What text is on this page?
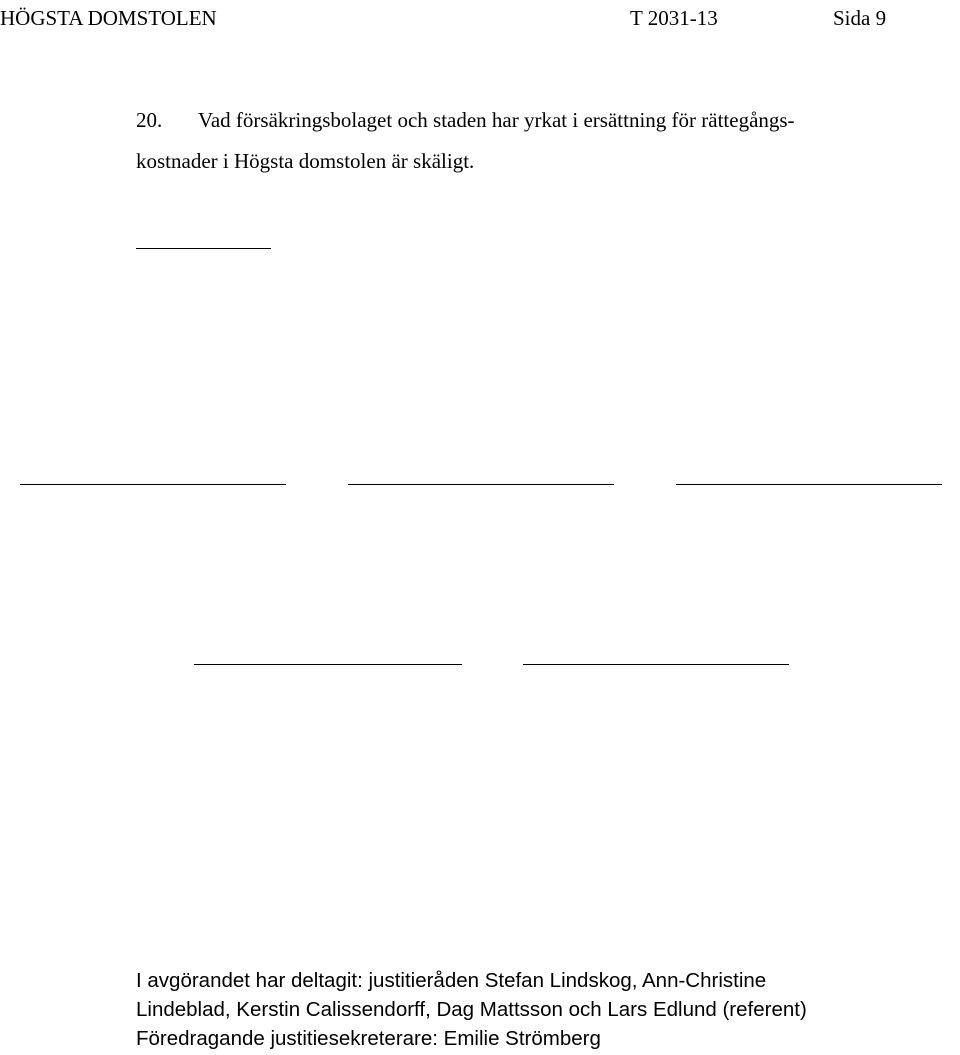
HÖGSTA DOMSTOLEN	T 2031-13	Sida 9
20. Vad försäkringsbolaget och staden har yrkat i ersättning för rättegångs-
kostnader i Högsta domstolen är skäligt.
I avgörandet har deltagit: justitieråden Stefan Lindskog, Ann-Christine
Lindeblad, Kerstin Calissendorff, Dag Mattsson och Lars Edlund (referent)
Föredragande justitiesekreterare: Emilie Strömberg
